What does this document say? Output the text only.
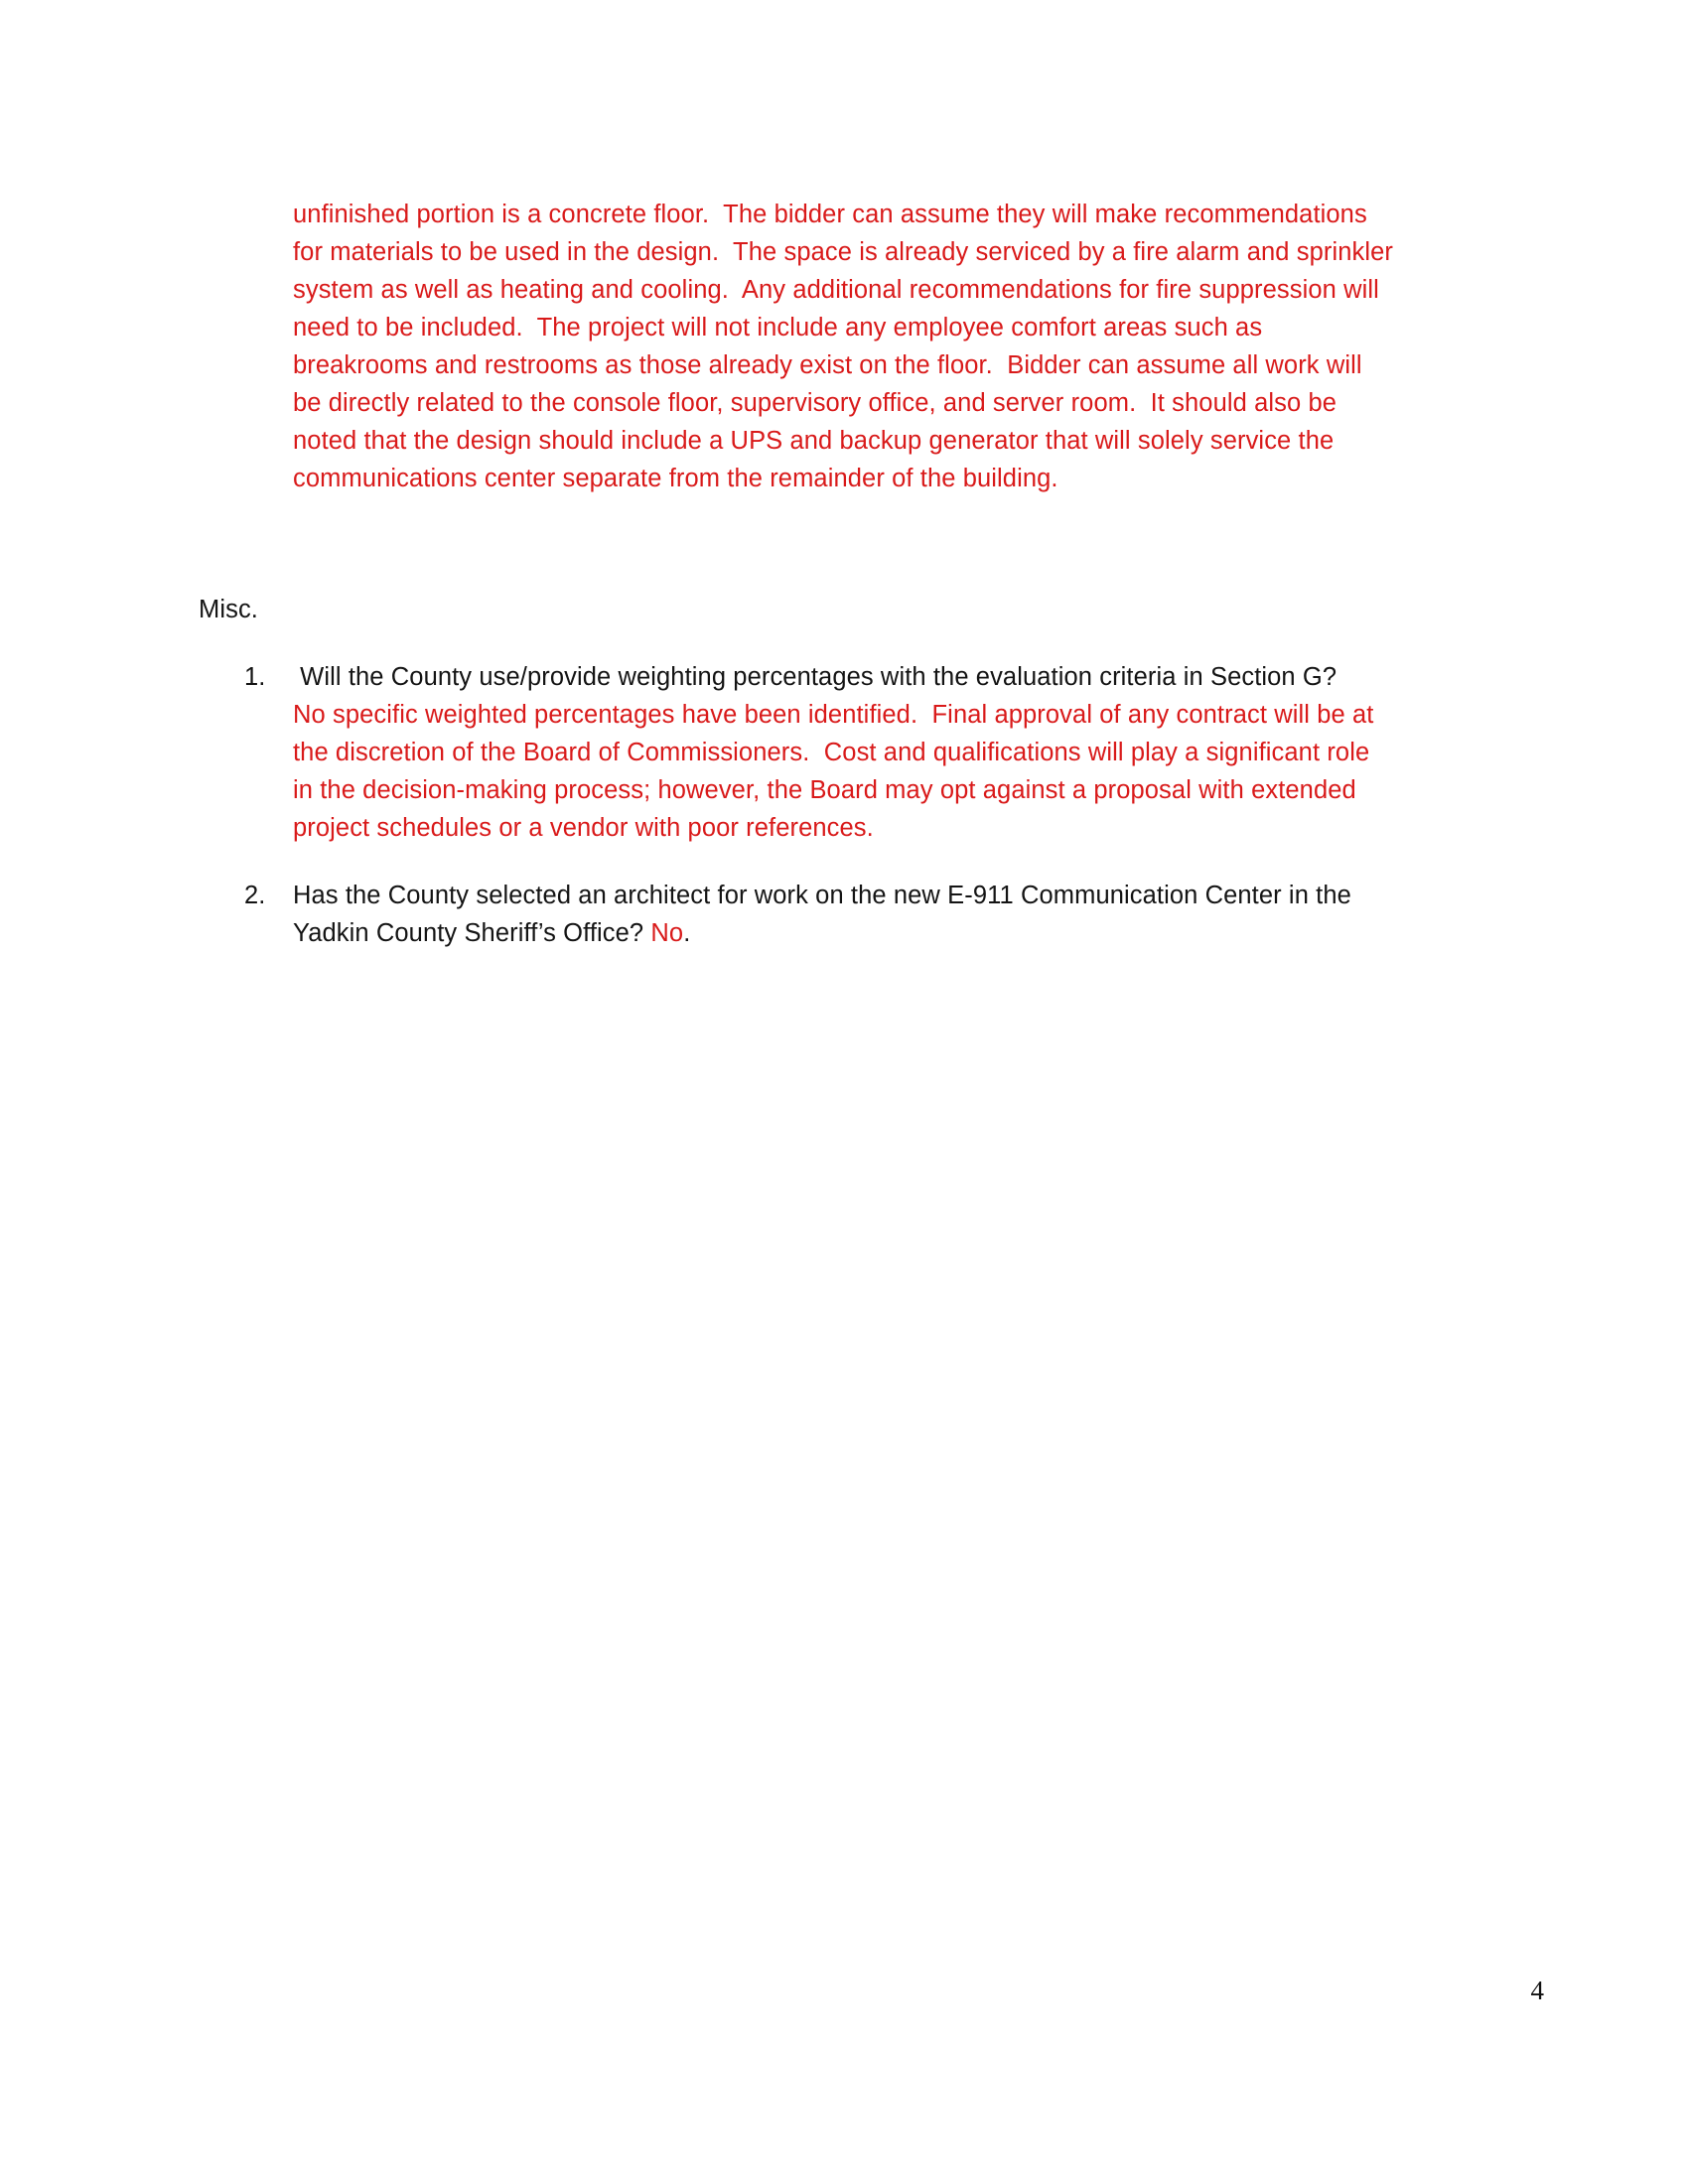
unfinished portion is a concrete floor.  The bidder can assume they will make recommendations
for materials to be used in the design.  The space is already serviced by a fire alarm and sprinkler
system as well as heating and cooling.  Any additional recommendations for fire suppression will
need to be included.  The project will not include any employee comfort areas such as
breakrooms and restrooms as those already exist on the floor.  Bidder can assume all work will
be directly related to the console floor, supervisory office, and server room.  It should also be
noted that the design should include a UPS and backup generator that will solely service the
communications center separate from the remainder of the building.
Misc.
1.	Will the County use/provide weighting percentages with the evaluation criteria in Section G?
No specific weighted percentages have been identified.  Final approval of any contract will be at
the discretion of the Board of Commissioners.  Cost and qualifications will play a significant role
in the decision-making process; however, the Board may opt against a proposal with extended
project schedules or a vendor with poor references.
2.	Has the County selected an architect for work on the new E-911 Communication Center in the
Yadkin County Sheriff’s Office? No.
4
